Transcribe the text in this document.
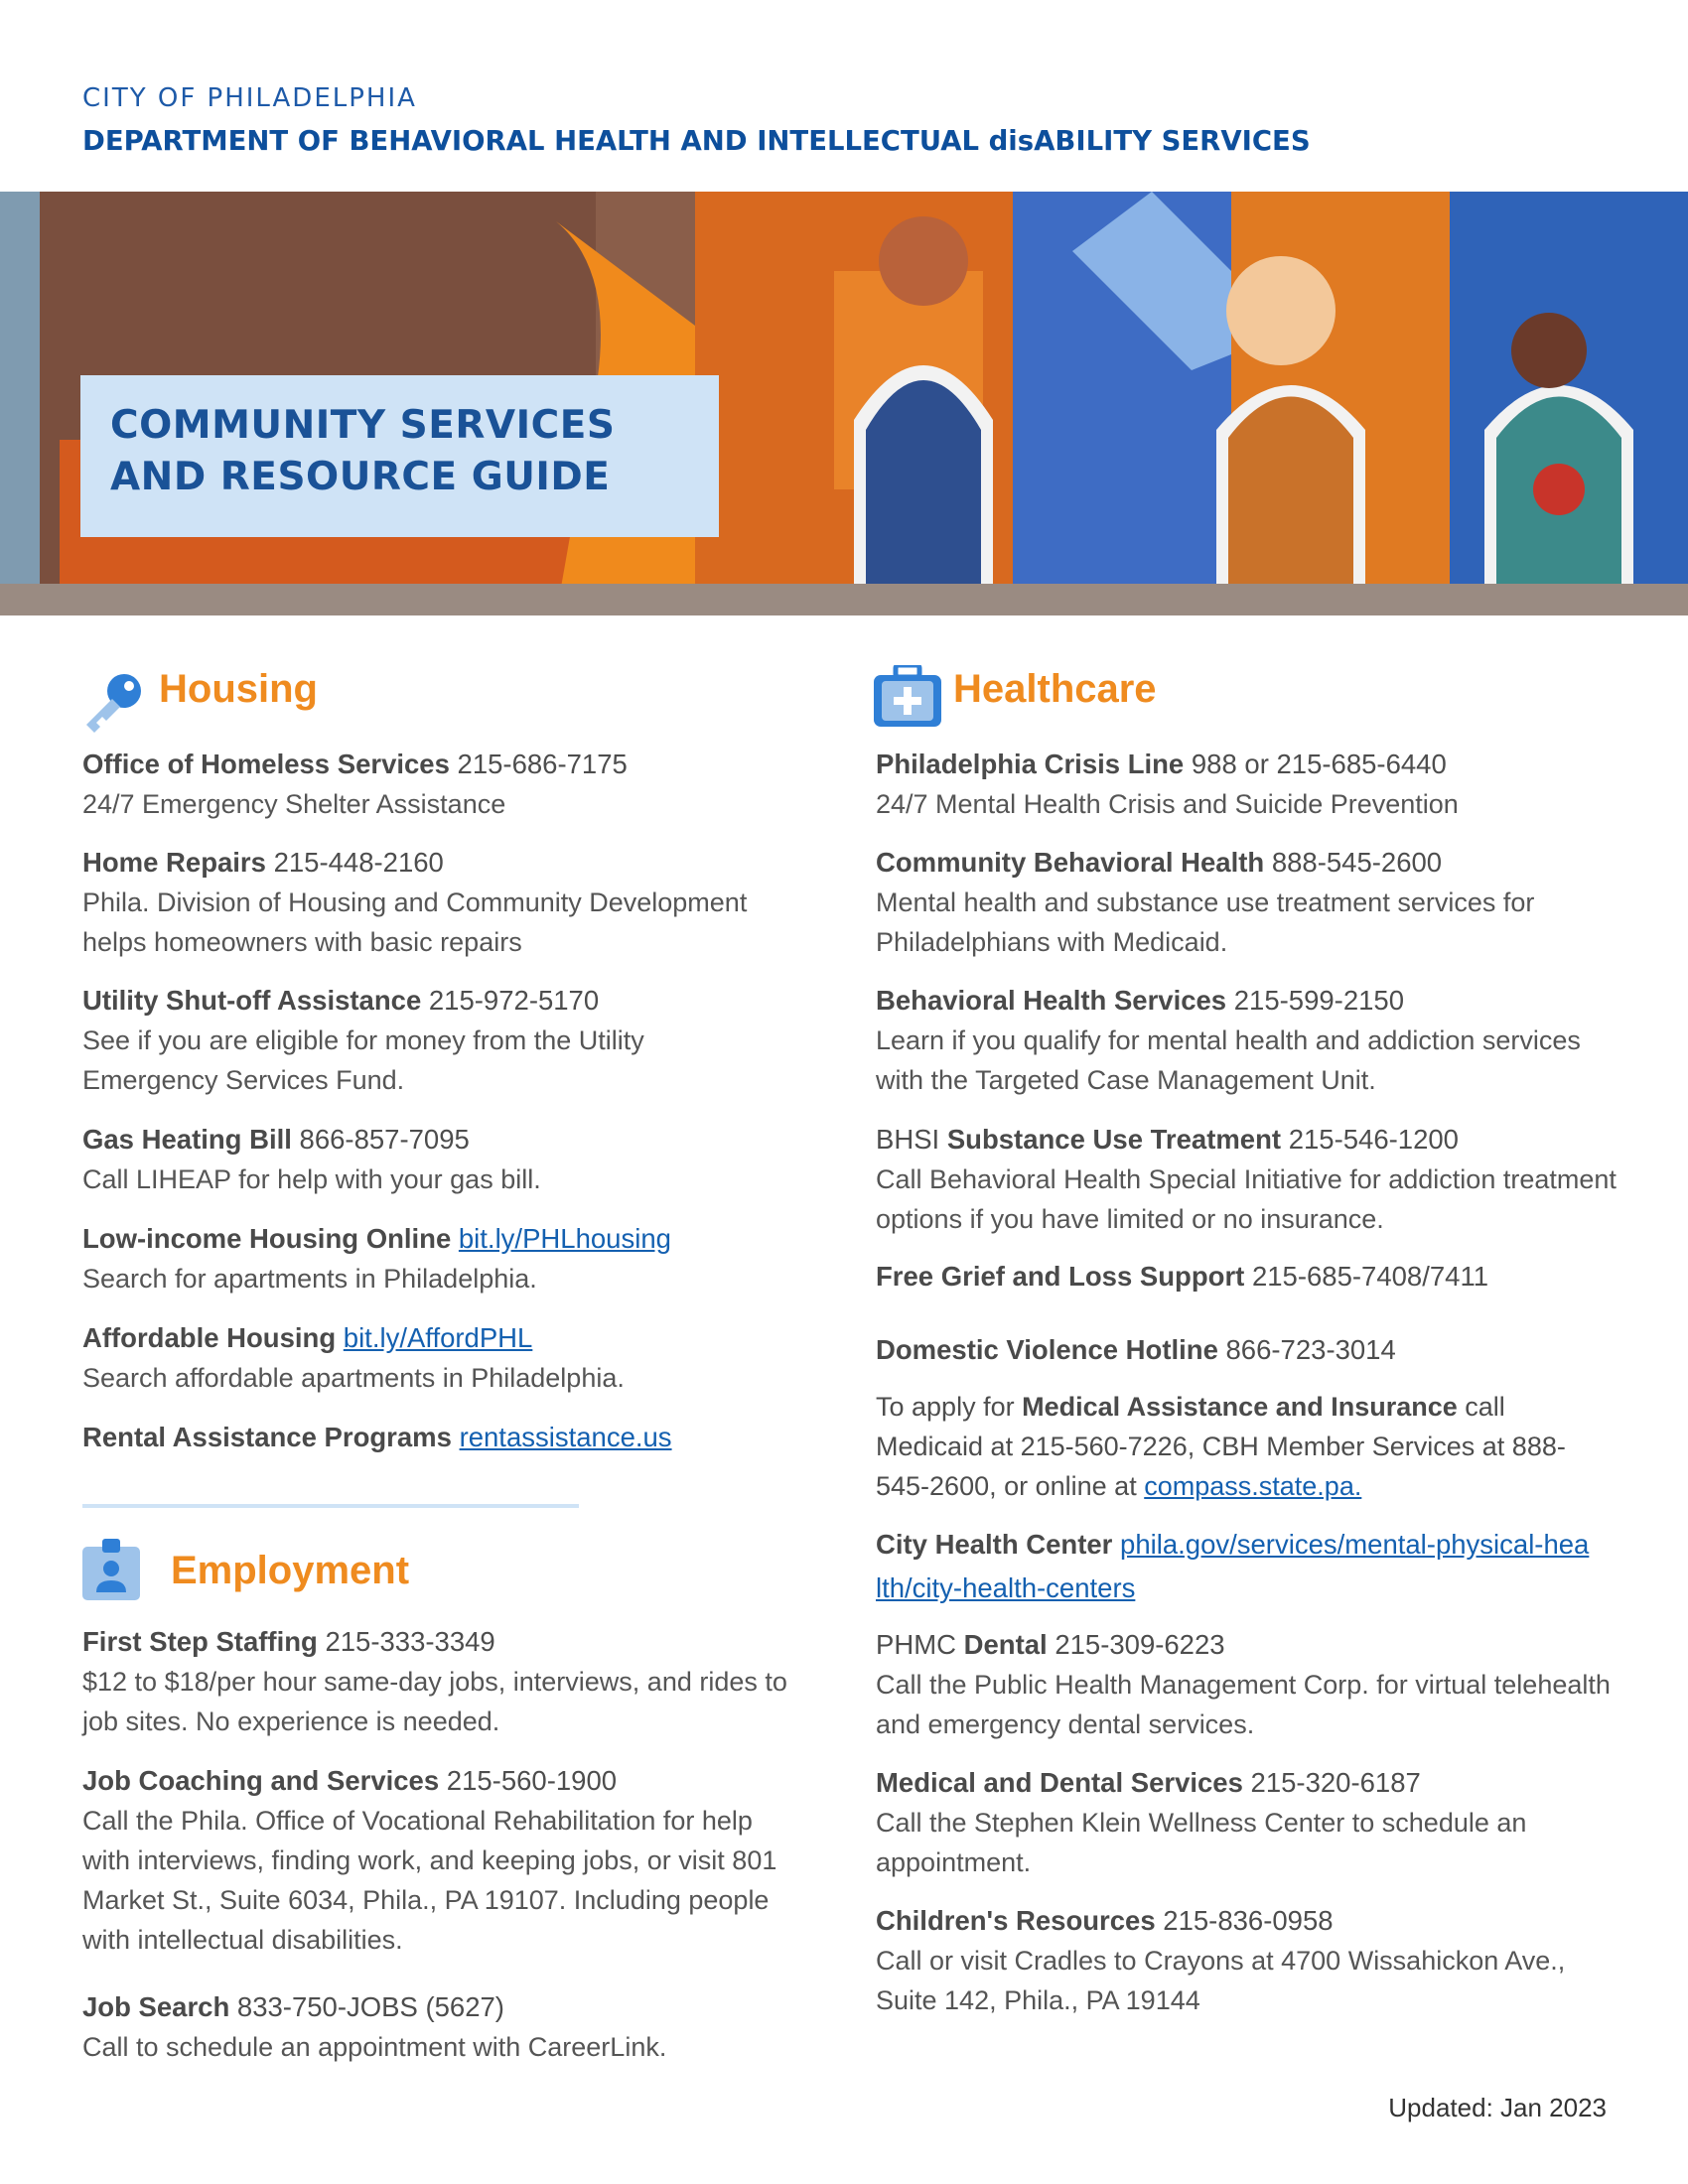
CITY OF PHILADELPHIA
DEPARTMENT OF BEHAVIORAL HEALTH AND INTELLECTUAL disABILITY SERVICES
COMMUNITY SERVICES
AND RESOURCE GUIDE
Housing
Office of Homeless Services 215-686-7175
24/7 Emergency Shelter Assistance
Home Repairs 215-448-2160
Phila. Division of Housing and Community Development helps homeowners with basic repairs
Utility Shut-off Assistance 215-972-5170
See if you are eligible for money from the Utility Emergency Services Fund.
Gas Heating Bill 866-857-7095
Call LIHEAP for help with your gas bill.
Low-income Housing Online bit.ly/PHLhousing
Search for apartments in Philadelphia.
Affordable Housing bit.ly/AffordPHL
Search affordable apartments in Philadelphia.
Rental Assistance Programs rentassistance.us
Employment
First Step Staffing 215-333-3349
$12 to $18/per hour same-day jobs, interviews, and rides to job sites. No experience is needed.
Job Coaching and Services 215-560-1900
Call the Phila. Office of Vocational Rehabilitation for help with interviews, finding work, and keeping jobs, or visit 801 Market St., Suite 6034, Phila., PA 19107. Including people with intellectual disabilities.
Job Search 833-750-JOBS (5627)
Call to schedule an appointment with CareerLink.
Healthcare
Philadelphia Crisis Line 988 or 215-685-6440
24/7 Mental Health Crisis and Suicide Prevention
Community Behavioral Health 888-545-2600
Mental health and substance use treatment services for Philadelphians with Medicaid.
Behavioral Health Services 215-599-2150
Learn if you qualify for mental health and addiction services with the Targeted Case Management Unit.
BHSI Substance Use Treatment 215-546-1200
Call Behavioral Health Special Initiative for addiction treatment options if you have limited or no insurance.
Free Grief and Loss Support 215-685-7408/7411
Domestic Violence Hotline 866-723-3014
To apply for Medical Assistance and Insurance call Medicaid at 215-560-7226, CBH Member Services at 888-545-2600, or online at compass.state.pa.
City Health Center phila.gov/services/mental-physical-health/city-health-centers
PHMC Dental 215-309-6223
Call the Public Health Management Corp. for virtual telehealth and emergency dental services.
Medical and Dental Services 215-320-6187
Call the Stephen Klein Wellness Center to schedule an appointment.
Children's Resources 215-836-0958
Call or visit Cradles to Crayons at 4700 Wissahickon Ave., Suite 142, Phila., PA 19144
Updated: Jan 2023
